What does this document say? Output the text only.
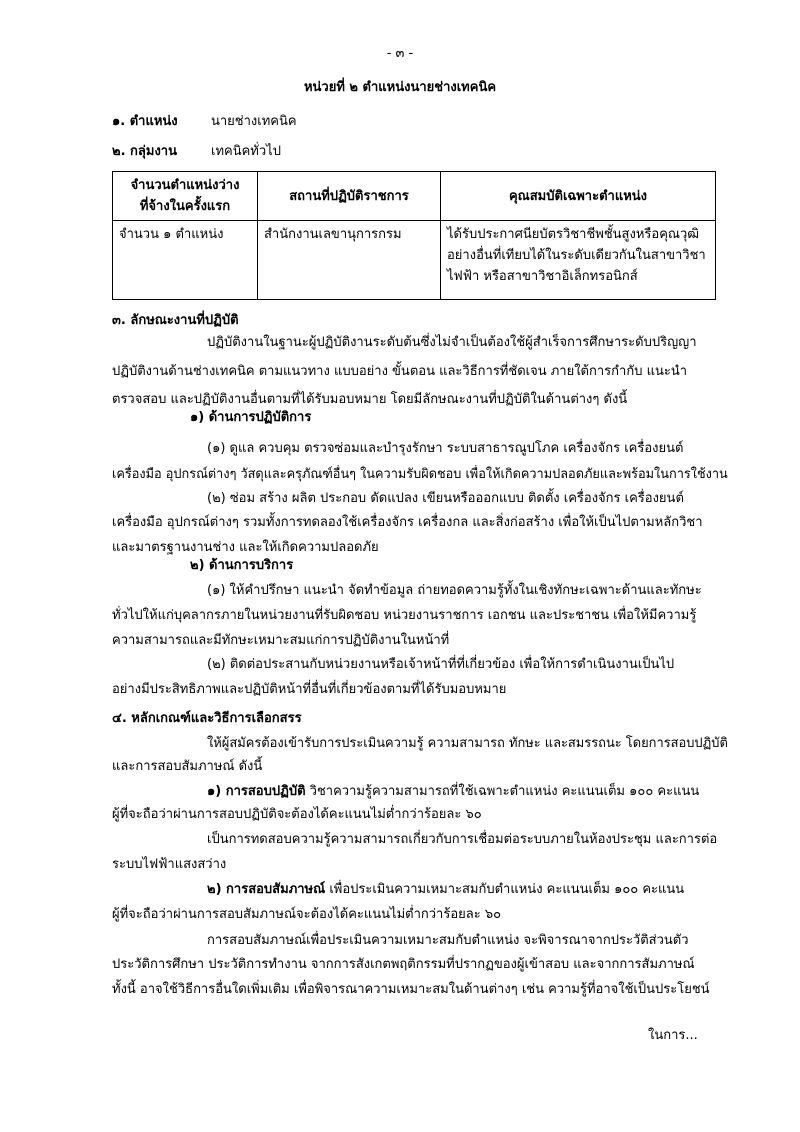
- ๓ -
หน่วยที่ ๒ ตำแหน่งนายช่างเทคนิค
๑. ตำแหน่ง	นายช่างเทคนิค
๒. กลุ่มงาน	เทคนิคทั่วไป
จำนวนตำแหน่งว่าง
ที่จ้างในครั้งแรก	สถานที่ปฏิบัติราชการ	คุณสมบัติเฉพาะตำแหน่ง
จำนวน ๑ ตำแหน่ง	สำนักงานเลขานุการกรม	ได้รับประกาศนียบัตรวิชาชีพชั้นสูงหรือคุณวุฒิ
อย่างอื่นที่เทียบได้ในระดับเดียวกันในสาขาวิชา
ไฟฟ้า หรือสาขาวิชาอิเล็กทรอนิกส์
๓. ลักษณะงานที่ปฏิบัติ
ปฏิบัติงานในฐานะผู้ปฏิบัติงานระดับต้นซึ่งไม่จำเป็นต้องใช้ผู้สำเร็จการศึกษาระดับปริญญา
ปฏิบัติงานด้านช่างเทคนิค ตามแนวทาง แบบอย่าง ขั้นตอน และวิธีการที่ชัดเจน ภายใต้การกำกับ แนะนำ
ตรวจสอบ และปฏิบัติงานอื่นตามที่ได้รับมอบหมาย โดยมีลักษณะงานที่ปฏิบัติในด้านต่างๆ ดังนี้
๑) ด้านการปฏิบัติการ
(๑) ดูแล ควบคุม ตรวจซ่อมและบำรุงรักษา ระบบสาธารณูปโภค เครื่องจักร เครื่องยนต์
เครื่องมือ อุปกรณ์ต่างๆ วัสดุและครุภัณฑ์อื่นๆ ในความรับผิดชอบ เพื่อให้เกิดความปลอดภัยและพร้อมในการใช้งาน
(๒) ซ่อม สร้าง ผลิต ประกอบ ดัดแปลง เขียนหรือออกแบบ ติดตั้ง เครื่องจักร เครื่องยนต์
เครื่องมือ อุปกรณ์ต่างๆ รวมทั้งการทดลองใช้เครื่องจักร เครื่องกล และสิ่งก่อสร้าง เพื่อให้เป็นไปตามหลักวิชา
และมาตรฐานงานช่าง และให้เกิดความปลอดภัย
๒) ด้านการบริการ
(๑) ให้คำปรึกษา แนะนำ จัดทำข้อมูล ถ่ายทอดความรู้ทั้งในเชิงทักษะเฉพาะด้านและทักษะ
ทั่วไปให้แก่บุคลากรภายในหน่วยงานที่รับผิดชอบ หน่วยงานราชการ เอกชน และประชาชน เพื่อให้มีความรู้
ความสามารถและมีทักษะเหมาะสมแก่การปฏิบัติงานในหน้าที่
(๒) ติดต่อประสานกับหน่วยงานหรือเจ้าหน้าที่ที่เกี่ยวข้อง เพื่อให้การดำเนินงานเป็นไป
อย่างมีประสิทธิภาพและปฏิบัติหน้าที่อื่นที่เกี่ยวข้องตามที่ได้รับมอบหมาย
๔. หลักเกณฑ์และวิธีการเลือกสรร
ให้ผู้สมัครต้องเข้ารับการประเมินความรู้ ความสามารถ ทักษะ และสมรรถนะ โดยการสอบปฏิบัติ
และการสอบสัมภาษณ์ ดังนี้
๑) การสอบปฏิบัติ วิชาความรู้ความสามารถที่ใช้เฉพาะตำแหน่ง คะแนนเต็ม ๑๐๐ คะแนน
ผู้ที่จะถือว่าผ่านการสอบปฏิบัติจะต้องได้คะแนนไม่ต่ำกว่าร้อยละ ๖๐
เป็นการทดสอบความรู้ความสามารถเกี่ยวกับการเชื่อมต่อระบบภายในห้องประชุม และการต่อ
ระบบไฟฟ้าแสงสว่าง
๒) การสอบสัมภาษณ์ เพื่อประเมินความเหมาะสมกับตำแหน่ง คะแนนเต็ม ๑๐๐ คะแนน
ผู้ที่จะถือว่าผ่านการสอบสัมภาษณ์จะต้องได้คะแนนไม่ต่ำกว่าร้อยละ ๖๐
การสอบสัมภาษณ์เพื่อประเมินความเหมาะสมกับตำแหน่ง จะพิจารณาจากประวัติส่วนตัว
ประวัติการศึกษา ประวัติการทำงาน จากการสังเกตพฤติกรรมที่ปรากฏของผู้เข้าสอบ และจากการสัมภาษณ์
ทั้งนี้ อาจใช้วิธีการอื่นใดเพิ่มเติม เพื่อพิจารณาความเหมาะสมในด้านต่างๆ เช่น ความรู้ที่อาจใช้เป็นประโยชน์
ในการ...
